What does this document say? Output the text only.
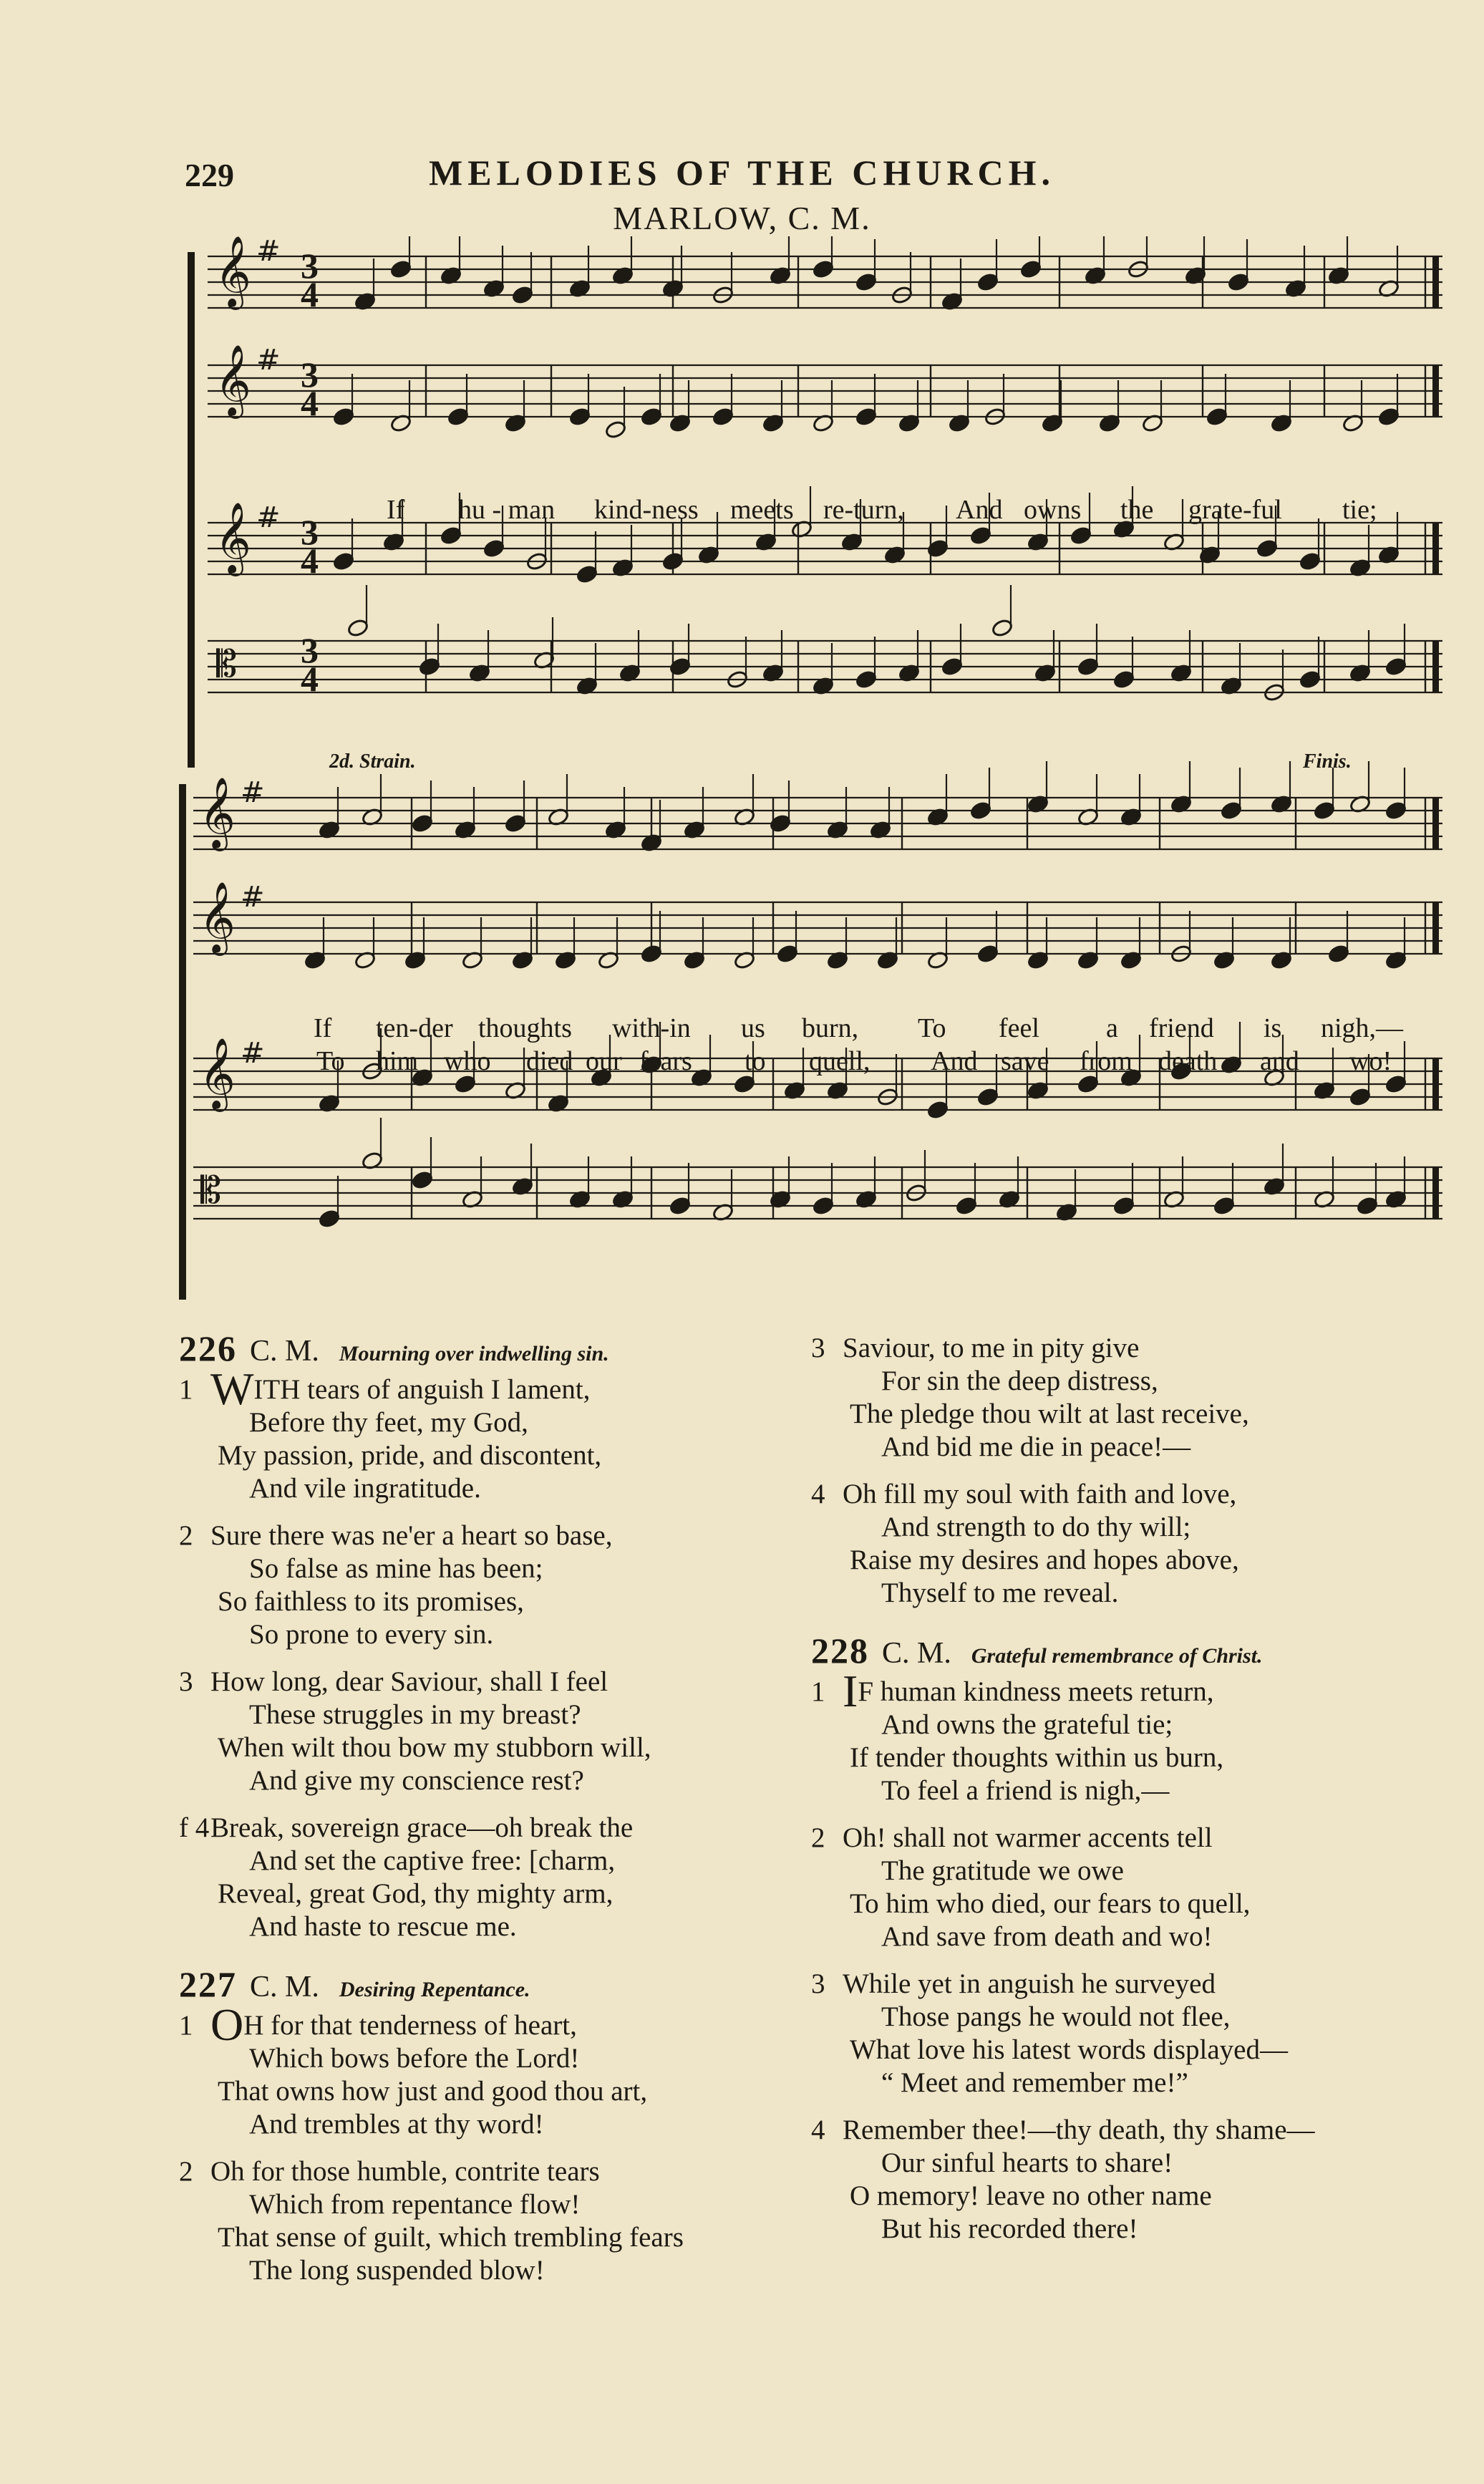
229	MELODIES OF THE CHURCH.
MARLOW, C. M.
𝄞 # 3
4
𝄞 # 3
4
𝄞 # 3
4
𝄡 3
4
𝄞 #
𝄞 #
𝄞 #
𝄡
2d. Strain.	Finis.
If hu - man kind-ness meets re-turn, And owns the grate-ful tie;
If ten-der thoughts with-in us burn, To feel a friend is nigh,—
To him who died our fears to quell, And save from death and wo!
226 C. M. Mourning over indwelling sin.
1 WITH tears of anguish I lament,
Before thy feet, my God,
My passion, pride, and discontent,
And vile ingratitude.
2 Sure there was ne'er a heart so base,
So false as mine has been;
So faithless to its promises,
So prone to every sin.
3 How long, dear Saviour, shall I feel
These struggles in my breast?
When wilt thou bow my stubborn will,
And give my conscience rest?
f 4Break, sovereign grace—oh break the
And set the captive free: [charm,
Reveal, great God, thy mighty arm,
And haste to rescue me.
227 C. M. Desiring Repentance.
1 OH for that tenderness of heart,
Which bows before the Lord!
That owns how just and good thou art,
And trembles at thy word!
2 Oh for those humble, contrite tears
Which from repentance flow!
That sense of guilt, which trembling fears
The long suspended blow!
3 Saviour, to me in pity give
For sin the deep distress,
The pledge thou wilt at last receive,
And bid me die in peace!—
4 Oh fill my soul with faith and love,
And strength to do thy will;
Raise my desires and hopes above,
Thyself to me reveal.
228 C. M. Grateful remembrance of Christ.
1 IF human kindness meets return,
And owns the grateful tie;
If tender thoughts within us burn,
To feel a friend is nigh,—
2 Oh! shall not warmer accents tell
The gratitude we owe
To him who died, our fears to quell,
And save from death and wo!
3 While yet in anguish he surveyed
Those pangs he would not flee,
What love his latest words displayed—
“ Meet and remember me!”
4 Remember thee!—thy death, thy shame—
Our sinful hearts to share!
O memory! leave no other name
But his recorded there!
